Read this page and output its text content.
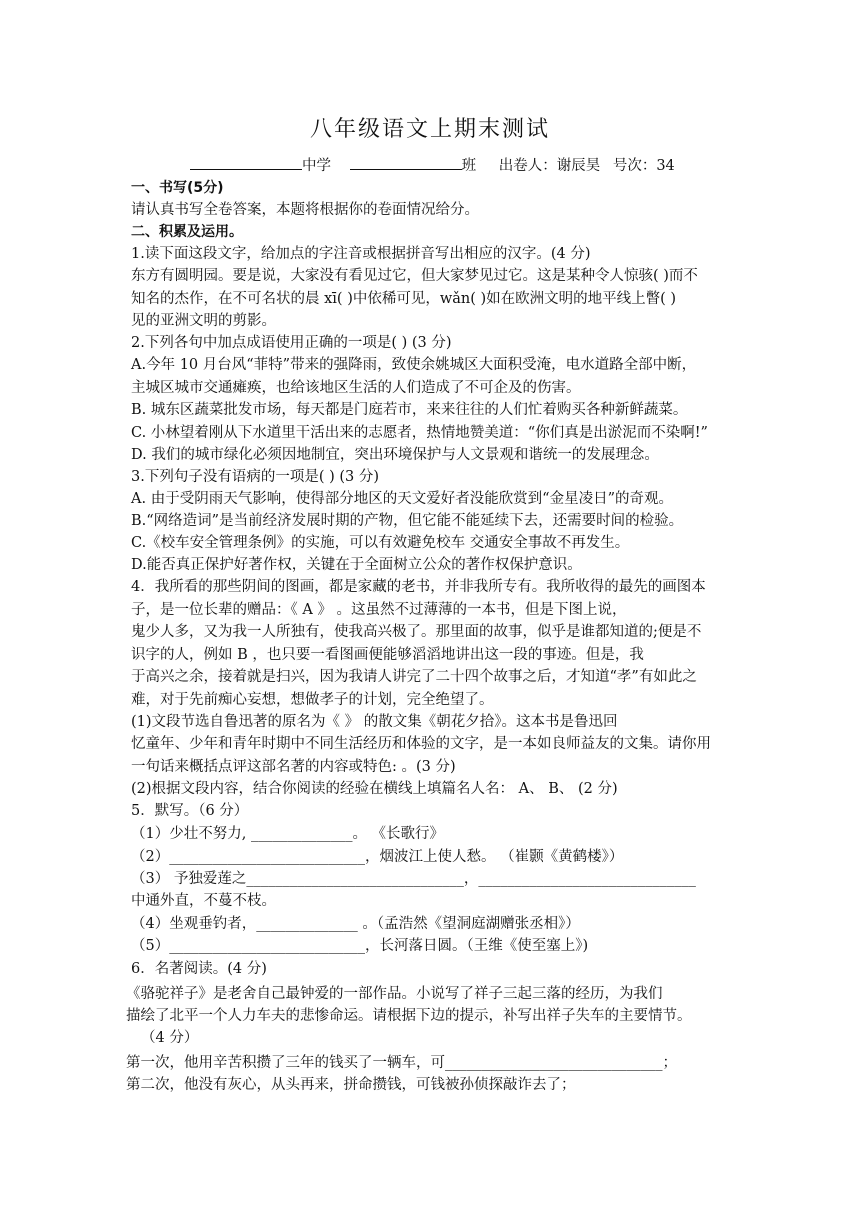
八年级语文上期末测试
中学	班 出卷人：谢辰昊 号次：34
一、书写(5分)
请认真书写全卷答案，本题将根据你的卷面情况给分。
二、积累及运用。
1.读下面这段文字，给加点的字注音或根据拼音写出相应的汉字。(4 分)
东方有圆明园。要是说，大家没有看见过它，但大家梦见过它。这是某种令人惊骇( )而不
知名的杰作，在不可名状的晨 xī( )中依稀可见，wǎn( )如在欧洲文明的地平线上瞥( )
见的亚洲文明的剪影。
2.下列各句中加点成语使用正确的一项是( ) (3 分)
A.今年 10 月台风“菲特”带来的强降雨，致使余姚城区大面积受淹，电水道路全部中断，
主城区城市交通瘫痪，也给该地区生活的人们造成了不可企及的伤害。
B. 城东区蔬菜批发市场，每天都是门庭若市，来来往往的人们忙着购买各种新鲜蔬菜。
C. 小林望着刚从下水道里干活出来的志愿者，热情地赞美道：“你们真是出淤泥而不染啊!”
D. 我们的城市绿化必须因地制宜，突出环境保护与人文景观和谐统一的发展理念。
3.下列句子没有语病的一项是( ) (3 分)
A. 由于受阴雨天气影响，使得部分地区的天文爱好者没能欣赏到“金星凌日”的奇观。
B.“网络造词”是当前经济发展时期的产物，但它能不能延续下去，还需要时间的检验。
C.《校车安全管理条例》的实施，可以有效避免校车 交通安全事故不再发生。
D.能否真正保护好著作权，关键在于全面树立公众的著作权保护意识。
4．我所看的那些阴间的图画，都是家藏的老书，并非我所专有。我所收得的最先的画图本
子，是一位长辈的赠品：《 A 》 。这虽然不过薄薄的一本书，但是下图上说，
鬼少人多，又为我一人所独有，使我高兴极了。那里面的故事，似乎是谁都知道的;便是不
识字的人，例如 B ，也只要一看图画便能够滔滔地讲出这一段的事迹。但是，我
于高兴之余，接着就是扫兴，因为我请人讲完了二十四个故事之后，才知道“孝”有如此之
难，对于先前痴心妄想，想做孝子的计划，完全绝望了。
(1)文段节选自鲁迅著的原名为《 》 的散文集《朝花夕拾》。这本书是鲁迅回
忆童年、少年和青年时期中不同生活经历和体验的文字，是一本如良师益友的文集。请你用
一句话来概括点评这部名著的内容或特色: 。(3 分)
(2)根据文段内容，结合你阅读的经验在横线上填篇名人名： A、 B、 (2 分)
5．默写。（6 分）
（1）少壮不努力, ______________。 《长歌行》
（2）___________________________，烟波江上使人愁。 （崔颢《黄鹤楼》）
（3） 予独爱莲之______________________________，______________________________
中通外直，不蔓不枝。
（4）坐观垂钓者，______________ 。（孟浩然《望洞庭湖赠张丞相》）
（5）___________________________，长河落日圆。（王维《使至塞上》)
6．名著阅读。(4 分)
《骆驼祥子》是老舍自己最钟爱的一部作品。小说写了祥子三起三落的经历，为我们
描绘了北平一个人力车夫的悲惨命运。请根据下边的提示，补写出祥子失车的主要情节。
（4 分）
第一次，他用辛苦积攒了三年的钱买了一辆车，可______________________________；
第二次，他没有灰心，从头再来，拼命攒钱，可钱被孙侦探敲诈去了；
